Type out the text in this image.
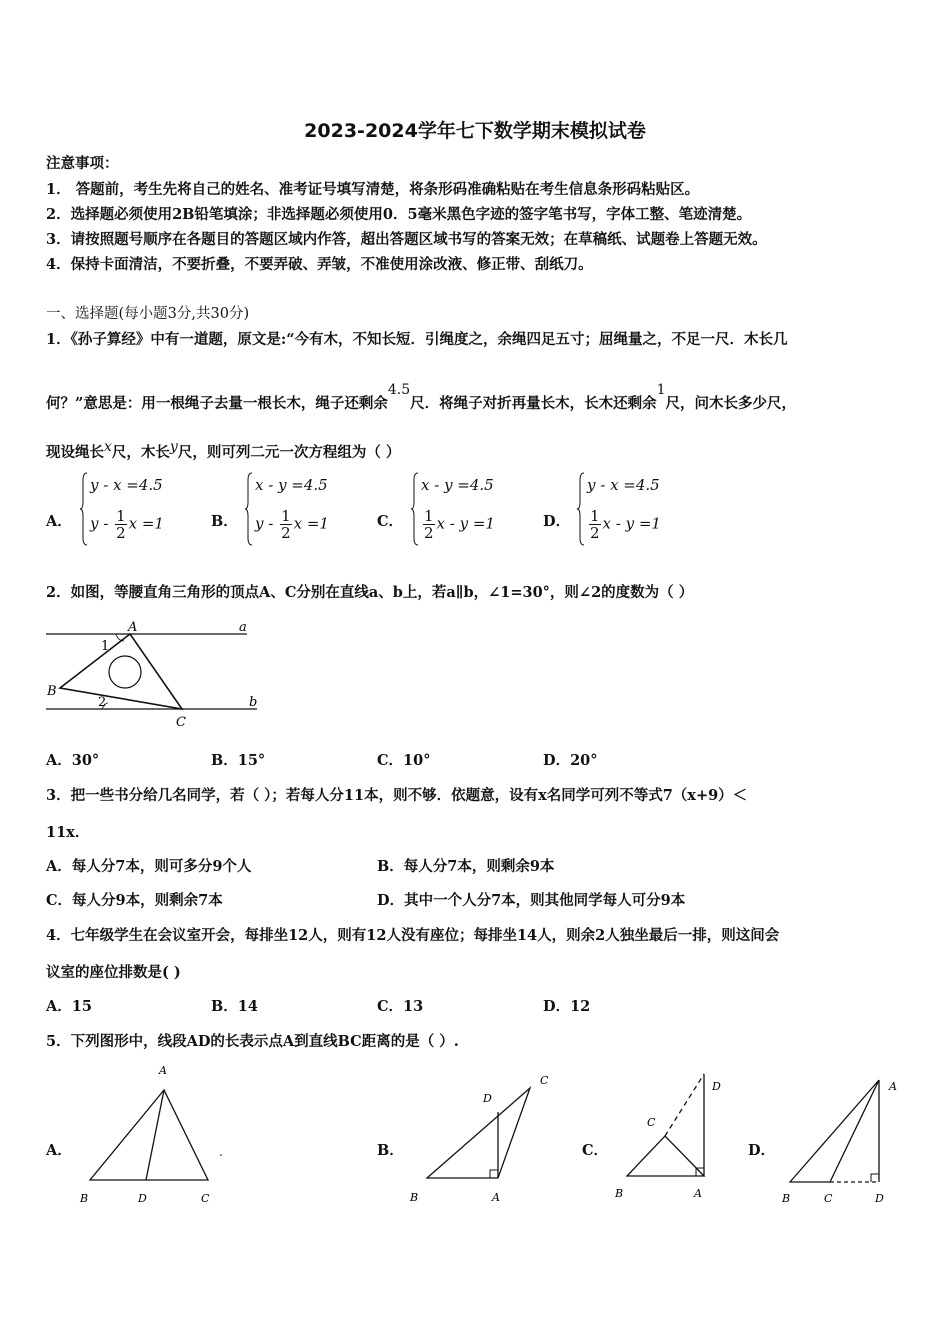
2023-2024学年七下数学期末模拟试卷
注意事项：
1． 答题前，考生先将自己的姓名、准考证号填写清楚，将条形码准确粘贴在考生信息条形码粘贴区。
2．选择题必须使用2B铅笔填涂；非选择题必须使用0．5毫米黑色字迹的签字笔书写，字体工整、笔迹清楚。
3．请按照题号顺序在各题目的答题区域内作答，超出答题区域书写的答案无效；在草稿纸、试题卷上答题无效。
4．保持卡面清洁，不要折叠，不要弄破、弄皱，不准使用涂改液、修正带、刮纸刀。
一、选择题(每小题3分,共30分)
1．《孙子算经》中有一道题，原文是:“今有木，不知长短．引绳度之，余绳四足五寸；屈绳量之，不足一尺．木长几
何？”意思是：用一根绳子去量一根长木，绳子还剩余$^{4.5}$尺．将绳子对折再量长木，长木还剩余$^1$尺，问木长多少尺，
现设绳长$^x$尺，木长$^y$尺，则可列二元一次方程组为（ ）
A．
y - x =4.5
y - $\frac{1}{2}$ x =1	B．
x - y =4.5
y - $\frac{1}{2}$ x =1	C．
x - y =4.5
$\frac{1}{2}$ x - y =1	D．
y - x =4.5
$\frac{1}{2}$ x - y =1
2．如图，等腰直角三角形的顶点A、C分别在直线a、b上，若a∥b，∠1=30°，则∠2的度数为（ ）
A	a
1
B
2
C
b
A．30°	B．15°	C．10°	D．20°
3．把一些书分给几名同学，若（ ）；若每人分11本，则不够．依题意，设有x名同学可列不等式7（x+9）＜
11x．
A．每人分7本，则可多分9个人	B．每人分7本，则剩余9本
C．每人分9本，则剩余7本	D．其中一个人分7本，则其他同学每人可分9本
4．七年级学生在会议室开会，每排坐12人，则有12人没有座位；每排坐14人，则余2人独坐最后一排，则这间会
议室的座位排数是( )
A．15	B．14	C．13	D．12
5．下列图形中，线段AD的长表示点A到直线BC距离的是（ ）.
A．
A
B	D	C
B．
C
D
B	A
C．
D
C
B	A
D．
A
B	C	D
